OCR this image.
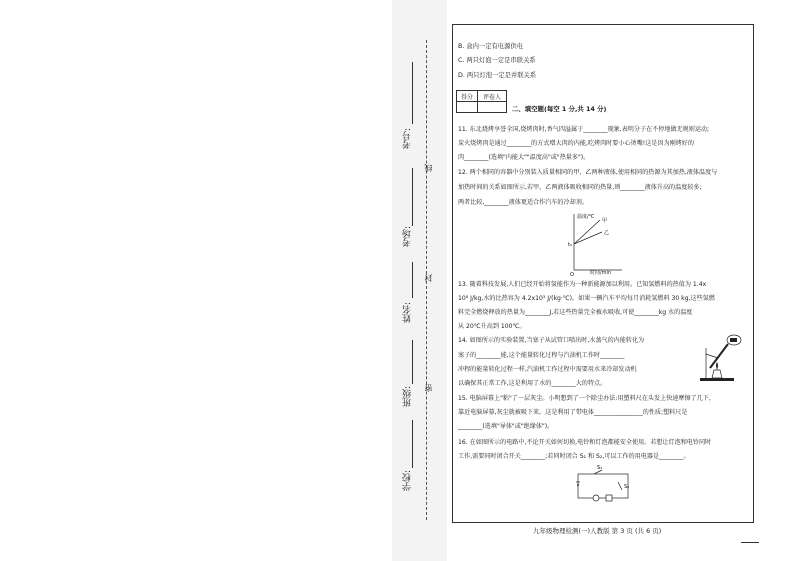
线
封
密
考号:
考场:
姓名:
班级:
学校:
B. 盒内一定有电源供电
C. 两只灯泡一定是串联关系
D. 两只灯泡一定是并联关系
得分	评卷人

二、填空题(每空 1 分,共 14 分)
11. 东北烧烤享誉全国,烧烤肉时,香气四溢属于________现象,表明分子在不停地做无规则运动;
炭火烧烤肉是通过________的方式增大肉的内能,吃烤肉时要小心烫嘴!这是因为刚烤好的
肉________(选填"内能大""温度高"或"热量多")。
12. 两个相同的容器中分别装入质量相同的甲、乙两种液体,使用相同的热源为其加热,液体温度与
加热时间的关系如图所示,若甲、乙两液体吸收相同的热量,则________液体升高的温度较多;
两者比较,________液体更适合作汽车的冷却剂。
温度/℃
甲
乙
t₀
O	时间/min
13. 随着科技发展,人们已经开始将氢能作为一种新能源加以利用。已知氢燃料的热值为 1.4x
10⁸ J/kg,水的比热容为 4.2x10³ J/(kg·℃)。如果一辆汽车平均每月消耗氢燃料 30 kg,这些氢燃
料完全燃烧释放的热量为________J,若这些热量完全被水吸收,可使________kg 水的温度
从 20℃升高到 100℃。
14. 如图所示的实验装置,当塞子从试管口喷出时,水蒸气的内能转化为
塞子的________能,这个能量转化过程与汽油机工作时________
冲程的能量转化过程一样,汽油机工作过程中需要用水来冷却发动机
以确保其正常工作,这是利用了水的________大的特点。
15. 电脑屏幕上"粘"了一层灰尘。小明想到了一个除尘办法:用塑料尺在头发上快速摩擦了几下,
靠近电脑屏幕,灰尘就被吸下来。这是利用了带电体________________的性质;塑料尺是
________(选填"导体"或"绝缘体")。
16. 在如图所示的电路中,不论开关如何切换,电铃和灯泡都能安全使用。若想让灯泡和电铃同时
工作,需要同时闭合开关________;若同时闭合 S₁ 和 S₂,可以工作的用电器是________。
S₁
S₂
九年级物理检测(一)人教版 第 3 页 (共 6 页)
